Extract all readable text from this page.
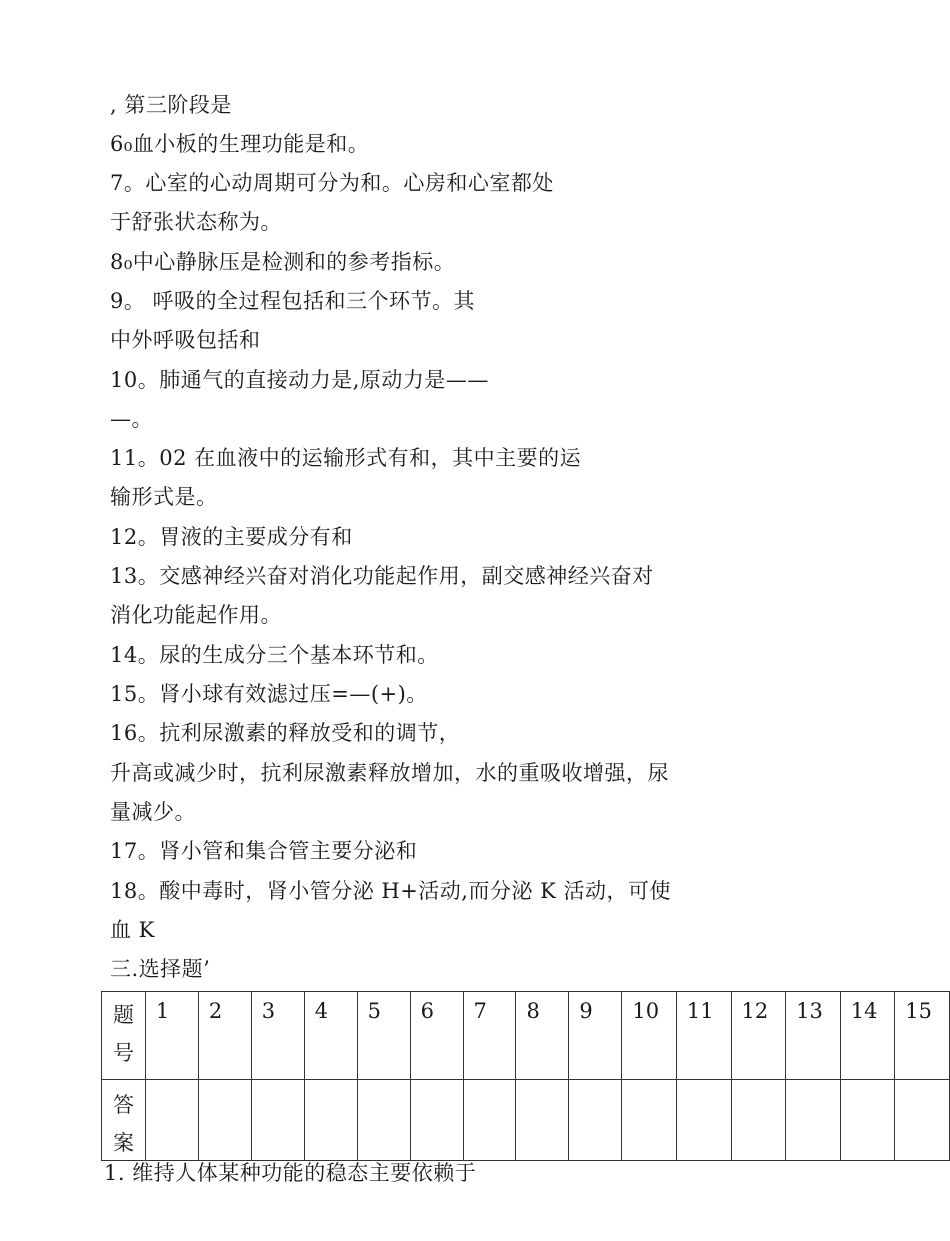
, 第三阶段是

6₀血小板的生理功能是和。

7。心室的心动周期可分为和。心房和心室都处

于舒张状态称为。

8₀中心静脉压是检测和的参考指标。

9。 呼吸的全过程包括和三个环节。其

中外呼吸包括和

10。肺通气的直接动力是,原动力是——

—。

11。02 在血液中的运输形式有和，其中主要的运

输形式是。

12。胃液的主要成分有和

13。交感神经兴奋对消化功能起作用，副交感神经兴奋对

消化功能起作用。

14。尿的生成分三个基本环节和。

15。肾小球有效滤过压=—(+)。

16。抗利尿激素的释放受和的调节，

升高或减少时，抗利尿激素释放增加，水的重吸收增强，尿

量减少。

17。肾小管和集合管主要分泌和

18。酸中毒时，肾小管分泌 H+活动,而分泌 K 活动，可使

血 K

三.选择题’

题
号	1	2	3	4	5	6	7	8	9	10	11	12	13	14	15

答
案															

1. 维持人体某种功能的稳态主要依赖于
